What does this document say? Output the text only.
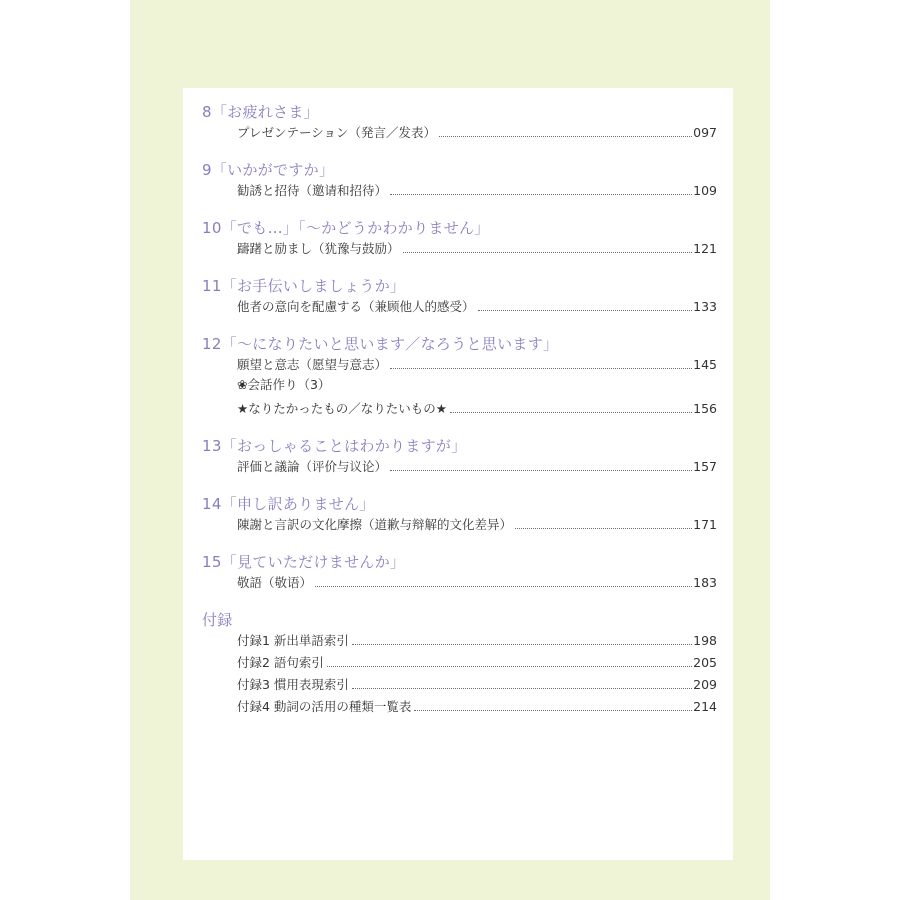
8「お疲れさま」
プレゼンテーション（発言／发表）	097
9「いかがですか」
勧誘と招待（邀请和招待）	109
10「でも…」「～かどうかわかりません」
躊躇と励まし（犹豫与鼓励）	121
11「お手伝いしましょうか」
他者の意向を配慮する（兼顾他人的感受）	133
12「～になりたいと思います／なろうと思います」
願望と意志（愿望与意志）	145
❀会話作り（3）
★なりたかったもの／なりたいもの★	156
13「おっしゃることはわかりますが」
評価と議論（评价与议论）	157
14「申し訳ありません」
陳謝と言訳の文化摩擦（道歉与辩解的文化差异）	171
15「見ていただけませんか」
敬語（敬语）	183
付録
付録1 新出単語索引	198
付録2 語句索引	205
付録3 慣用表現索引	209
付録4 動詞の活用の種類一覧表	214
